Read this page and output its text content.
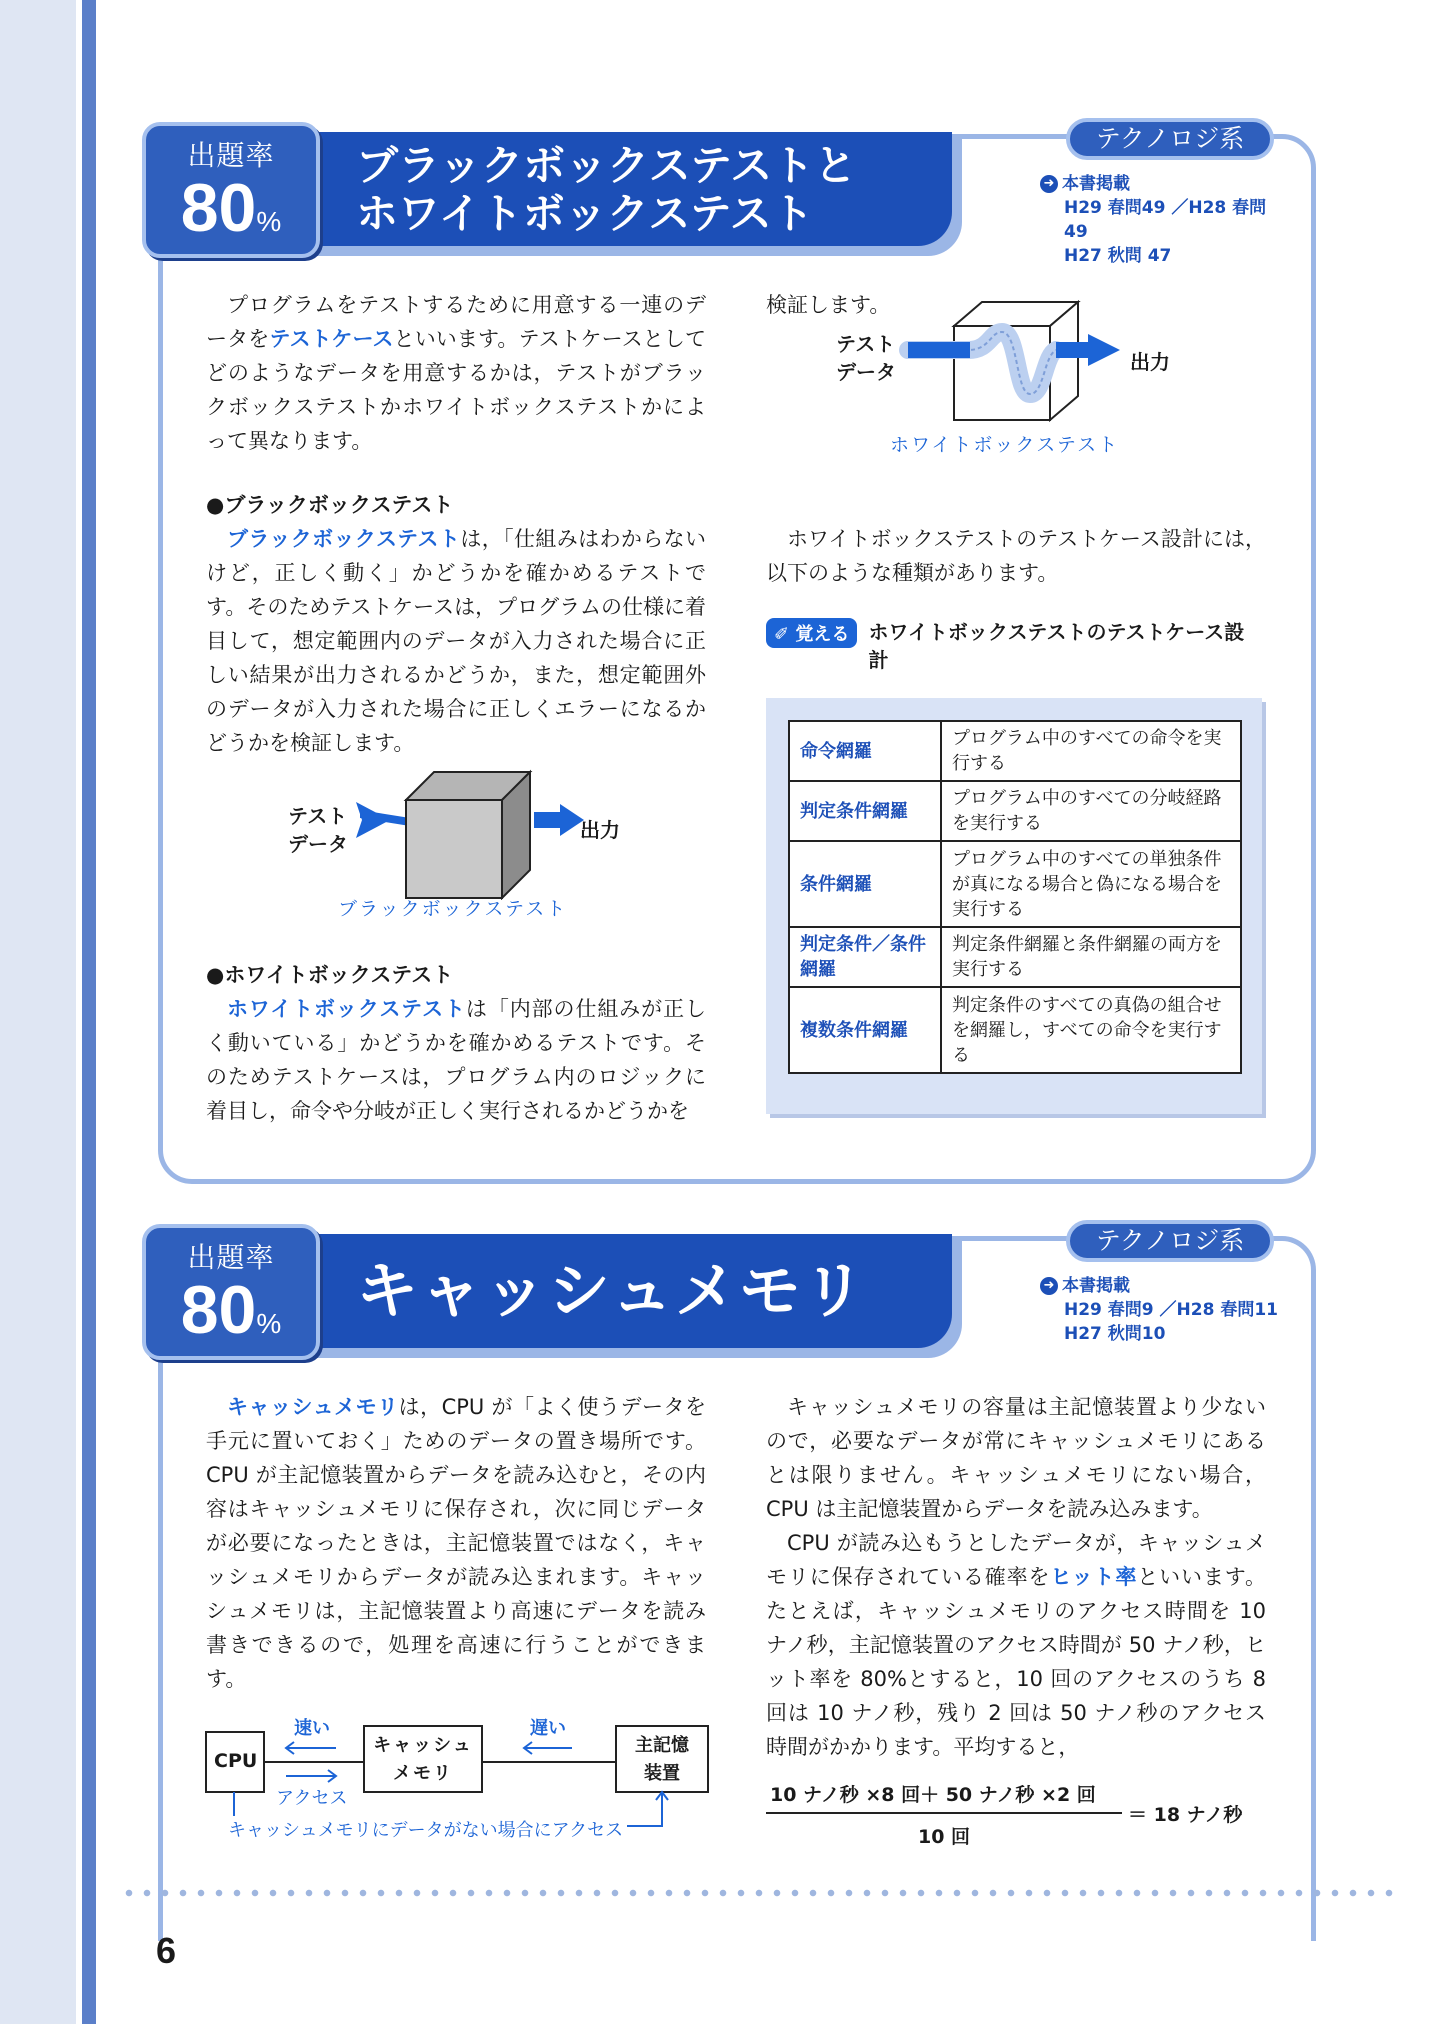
ブラックボックステストと
ホワイトボックステスト
出題率
80%
テクノロジ系
➜ 本書掲載
H29 春問49 ／H28 春問49
H27 秋問 47
プログラムをテストするために用意する一連のデータをテストケースといいます。テストケースとしてどのようなデータを用意するかは，テストがブラックボックステストかホワイトボックステストかによって異なります。
●ブラックボックステスト
ブラックボックステストは，「仕組みはわからないけど，正しく動く」かどうかを確かめるテストです。そのためテストケースは，プログラムの仕様に着目して，想定範囲内のデータが入力された場合に正しい結果が出力されるかどうか，また，想定範囲外のデータが入力された場合に正しくエラーになるかどうかを検証します。
テスト
データ
出力
ブラックボックステスト
●ホワイトボックステスト
ホワイトボックステストは「内部の仕組みが正しく動いている」かどうかを確かめるテストです。そのためテストケースは，プログラム内のロジックに着目し，命令や分岐が正しく実行されるかどうかを
検証します。
テスト
データ	出力
ホワイトボックステスト
ホワイトボックステストのテストケース設計には，以下のような種類があります。
✐ 覚える ホワイトボックステストのテストケース設計
命令網羅	プログラム中のすべての命令を実行する
判定条件網羅	プログラム中のすべての分岐経路を実行する
条件網羅	プログラム中のすべての単独条件が真になる場合と偽になる場合を実行する
判定条件／条件網羅	判定条件網羅と条件網羅の両方を実行する
複数条件網羅	判定条件のすべての真偽の組合せを網羅し，すべての命令を実行する
キャッシュメモリ
出題率
80%
テクノロジ系
➜ 本書掲載
H29 春問9 ／H28 春問11
H27 秋問10
キャッシュメモリは，CPU が「よく使うデータを手元に置いておく」ためのデータの置き場所です。CPU が主記憶装置からデータを読み込むと，その内容はキャッシュメモリに保存され，次に同じデータが必要になったときは，主記憶装置ではなく，キャッシュメモリからデータが読み込まれます。キャッシュメモリは，主記憶装置より高速にデータを読み書きできるので，処理を高速に行うことができます。
CPU
キャッシュ
メモリ
主記憶
装置
速い	遅い
アクセス
キャッシュメモリにデータがない場合にアクセス
キャッシュメモリの容量は主記憶装置より少ないので，必要なデータが常にキャッシュメモリにあるとは限りません。キャッシュメモリにない場合，CPU は主記憶装置からデータを読み込みます。
CPU が読み込もうとしたデータが，キャッシュメモリに保存されている確率をヒット率といいます。たとえば，キャッシュメモリのアクセス時間を 10 ナノ秒，主記憶装置のアクセス時間が 50 ナノ秒，ヒット率を 80%とすると，10 回のアクセスのうち 8 回は 10 ナノ秒，残り 2 回は 50 ナノ秒のアクセス時間がかかります。平均すると，
10 ナノ秒 ×8 回＋ 50 ナノ秒 ×2 回
10 回
＝ 18 ナノ秒
6
